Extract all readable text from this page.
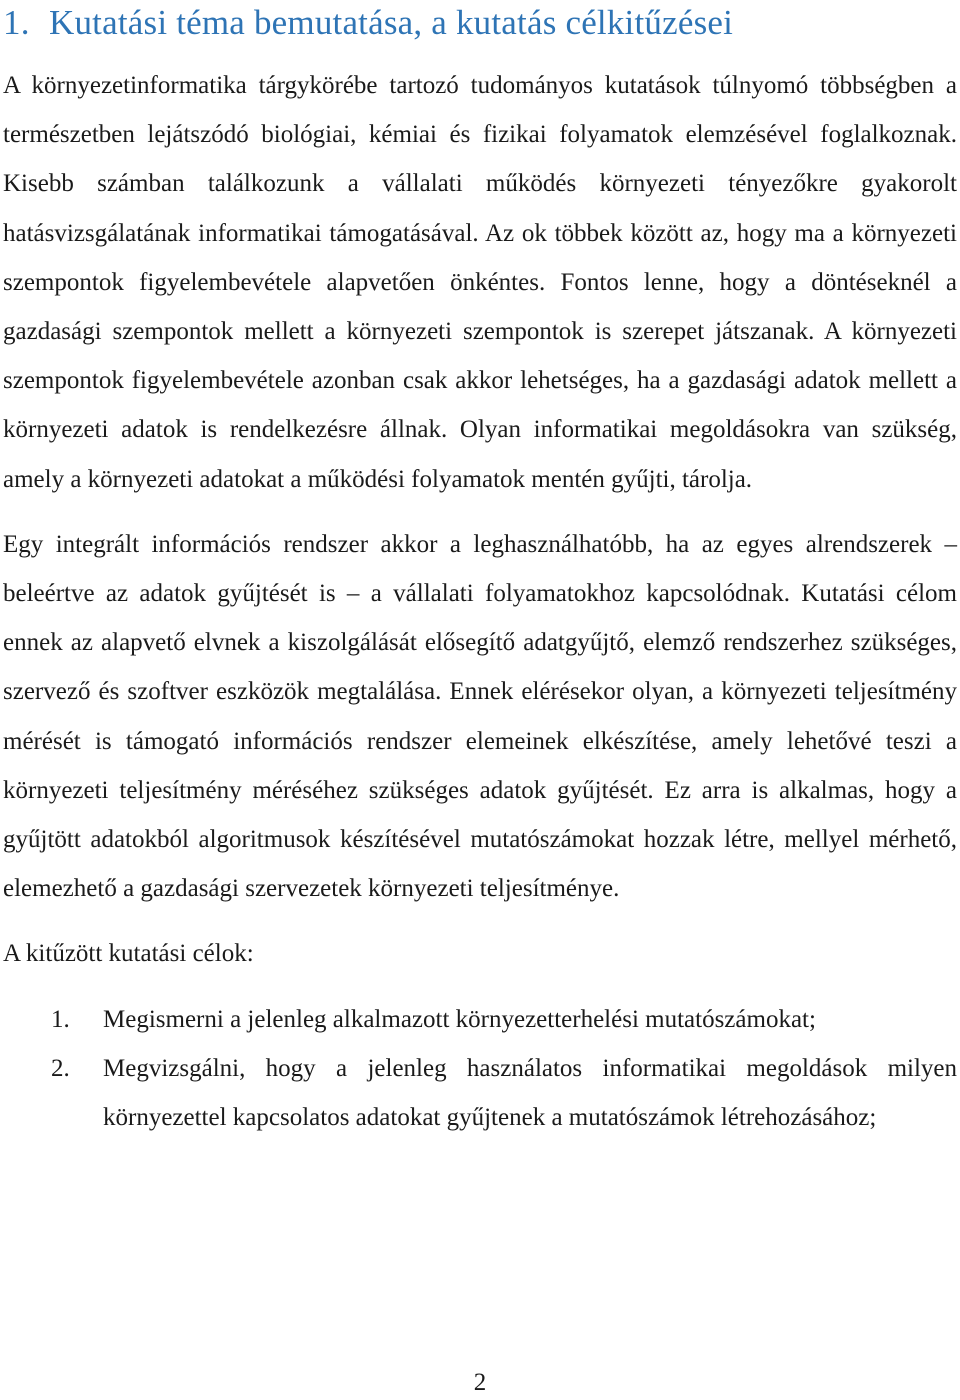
1. Kutatási téma bemutatása, a kutatás célkitűzései

A környezetinformatika tárgykörébe tartozó tudományos kutatások túlnyomó többségben a természetben lejátszódó biológiai, kémiai és fizikai folyamatok elemzésével foglalkoznak. Kisebb számban találkozunk a vállalati működés környezeti tényezőkre gyakorolt hatásvizsgálatának informatikai támogatásával. Az ok többek között az, hogy ma a környezeti szempontok figyelembevétele alapvetően önkéntes. Fontos lenne, hogy a döntéseknél a gazdasági szempontok mellett a környezeti szempontok is szerepet játszanak. A környezeti szempontok figyelembevétele azonban csak akkor lehetséges, ha a gazdasági adatok mellett a környezeti adatok is rendelkezésre állnak. Olyan informatikai megoldásokra van szükség, amely a környezeti adatokat a működési folyamatok mentén gyűjti, tárolja.

Egy integrált információs rendszer akkor a leghasználhatóbb, ha az egyes alrendszerek – beleértve az adatok gyűjtését is – a vállalati folyamatokhoz kapcsolódnak. Kutatási célom ennek az alapvető elvnek a kiszolgálását elősegítő adatgyűjtő, elemző rendszerhez szükséges, szervező és szoftver eszközök megtalálása. Ennek elérésekor olyan, a környezeti teljesítmény mérését is támogató információs rendszer elemeinek elkészítése, amely lehetővé teszi a környezeti teljesítmény méréséhez szükséges adatok gyűjtését. Ez arra is alkalmas, hogy a gyűjtött adatokból algoritmusok készítésével mutatószámokat hozzak létre, mellyel mérhető, elemezhető a gazdasági szervezetek környezeti teljesítménye.

A kitűzött kutatási célok:

1. Megismerni a jelenleg alkalmazott környezetterhelési mutatószámokat;
2. Megvizsgálni, hogy a jelenleg használatos informatikai megoldások milyen környezettel kapcsolatos adatokat gyűjtenek a mutatószámok létrehozásához;
2
